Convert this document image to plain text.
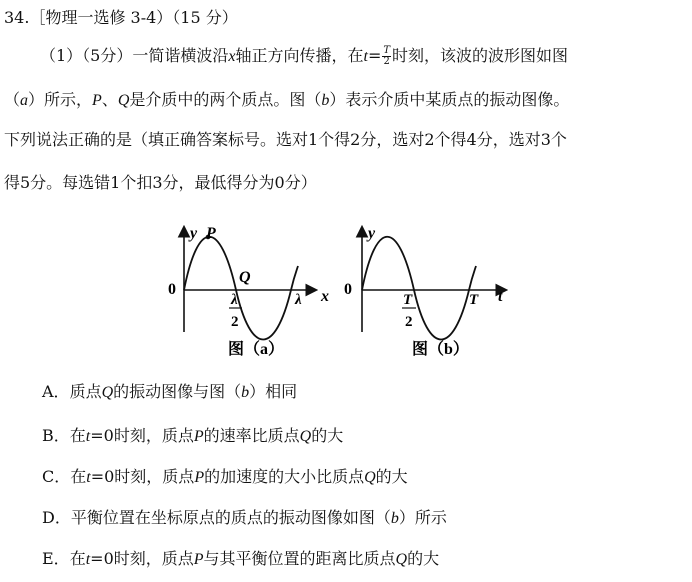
34.［物理一选修 3-4）（15 分）
（1）（5分）一简谐横波沿x轴正方向传播，在$t= \frac{T}{2}$ 时刻，该波的波形图如图
（a）所示，P、Q是介质中的两个质点。图（b）表示介质中某质点的振动图像。
下列说法正确的是（填正确答案标号。选对1个得2分，选对2个得4分，选对3个
得5分。每选错1个扣3分，最低得分为0分）
y P
Q
0
λ
2
λ x
图（a）
y
0
T
2
T t
图（b）
A．质点Q的振动图像与图（b）相同
B．在t=0时刻，质点P的速率比质点Q的大
C．在t=0时刻，质点P的加速度的大小比质点Q的大
D．平衡位置在坐标原点的质点的振动图像如图（b）所示
E．在t=0时刻，质点P与其平衡位置的距离比质点Q的大
